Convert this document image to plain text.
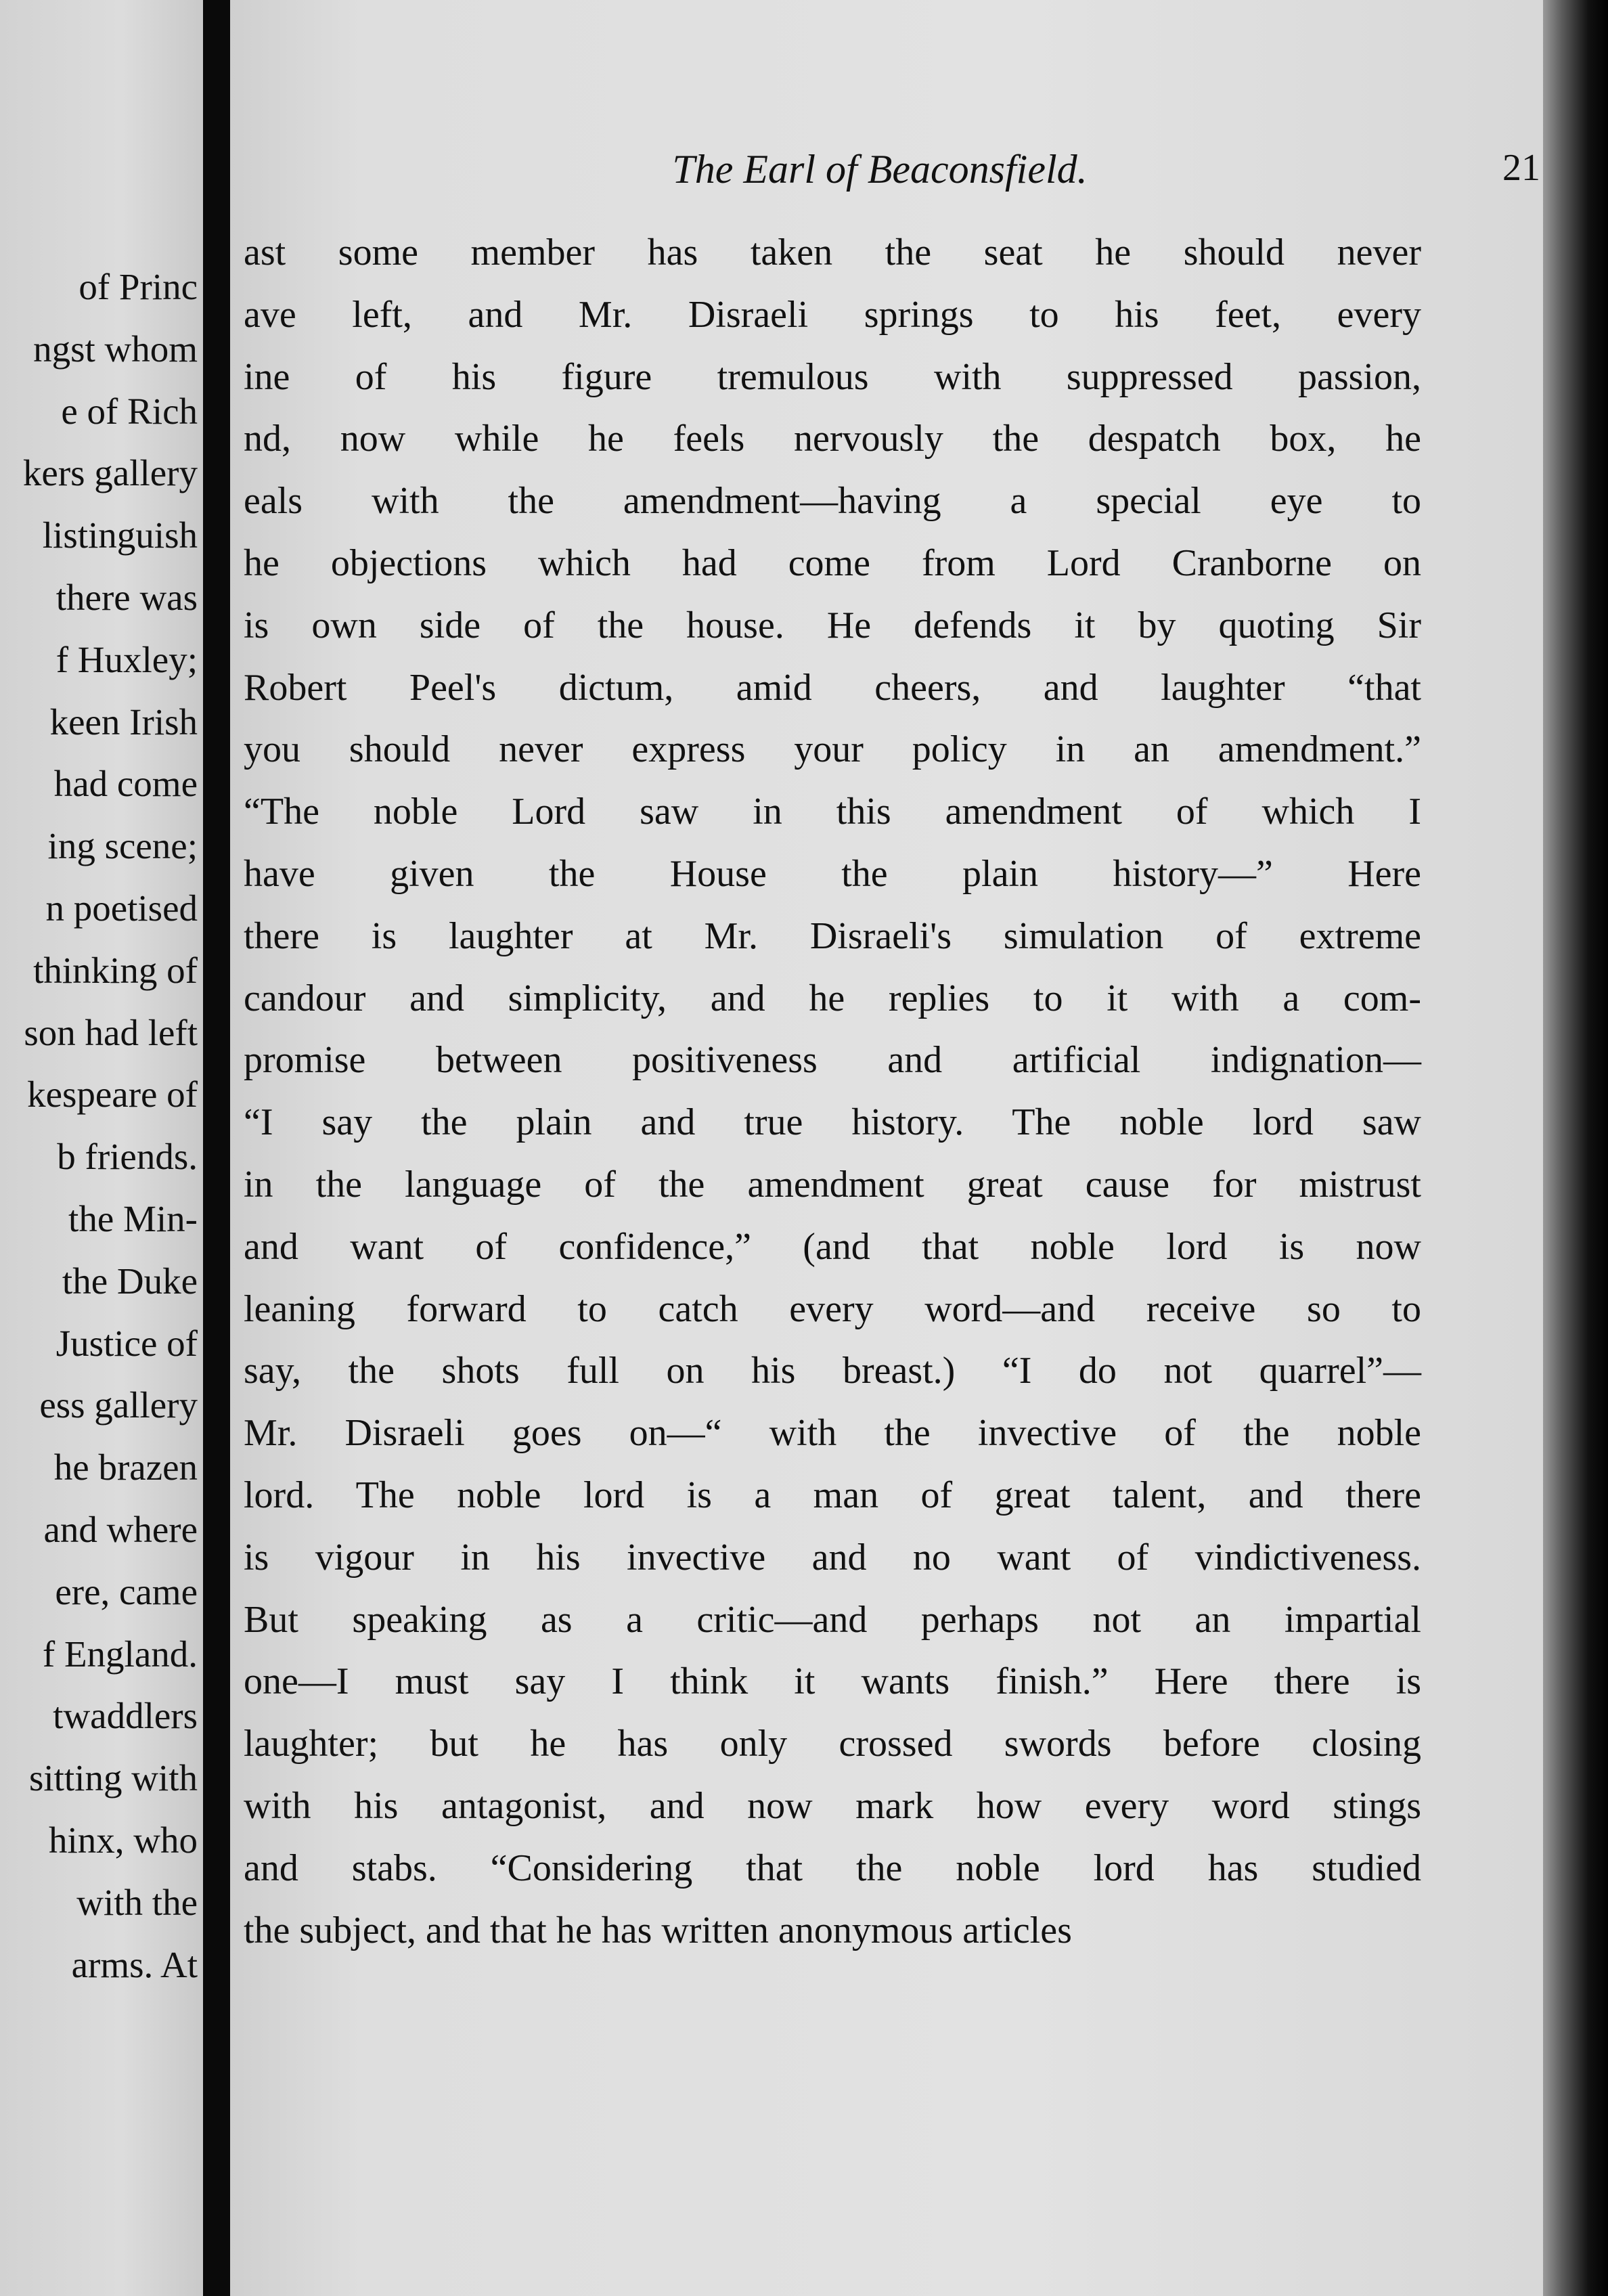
of Princ
ngst whom
e of Rich
kers gallery
listinguish
there was
f Huxley;
keen Irish
had come
ing scene;
n poetised
thinking of
son had left
kespeare of
b friends.
the Min-
the Duke
Justice of
ess gallery
he brazen
and where
ere, came
f England.
twaddlers
sitting with
hinx, who
with the
arms. At
The Earl of Beaconsfield.	21
ast some member has taken the seat he should never
ave left, and Mr. Disraeli springs to his feet, every
ine of his figure tremulous with suppressed passion,
nd, now while he feels nervously the despatch box, he
eals with the amendment—having a special eye to
he objections which had come from Lord Cranborne on
is own side of the house. He defends it by quoting Sir
Robert Peel's dictum, amid cheers, and laughter “that
you should never express your policy in an amendment.”
“The noble Lord saw in this amendment of which I
have given the House the plain history—” Here
there is laughter at Mr. Disraeli's simulation of extreme
candour and simplicity, and he replies to it with a com-
promise between positiveness and artificial indignation—
“I say the plain and true history. The noble lord saw
in the language of the amendment great cause for mistrust
and want of confidence,” (and that noble lord is now
leaning forward to catch every word—and receive so to
say, the shots full on his breast.) “I do not quarrel”—
Mr. Disraeli goes on—“ with the invective of the noble
lord. The noble lord is a man of great talent, and there
is vigour in his invective and no want of vindictiveness.
But speaking as a critic—and perhaps not an impartial
one—I must say I think it wants finish.” Here there is
laughter; but he has only crossed swords before closing
with his antagonist, and now mark how every word stings
and stabs. “Considering that the noble lord has studied
the subject, and that he has written anonymous articles
